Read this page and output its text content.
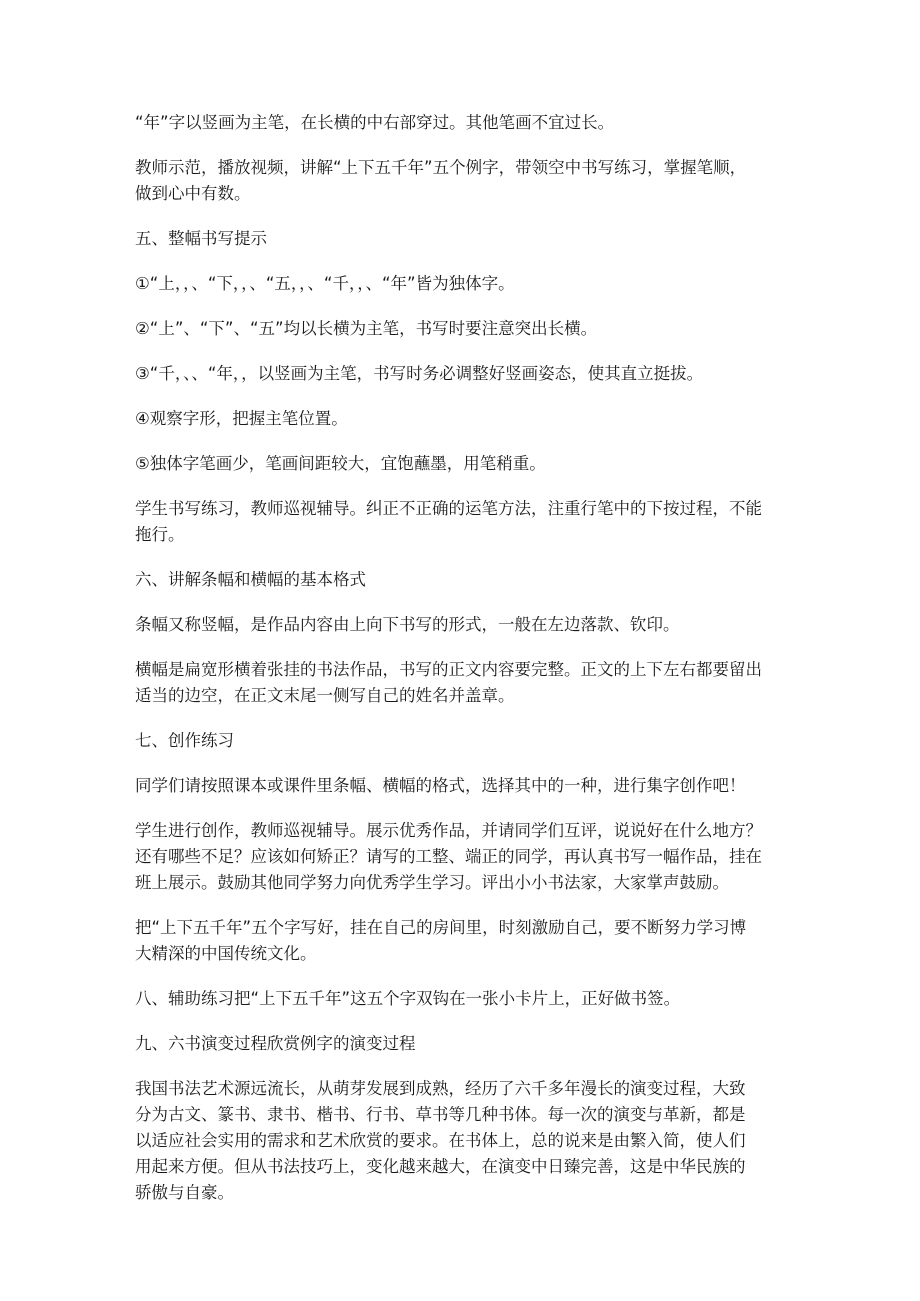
“年”字以竖画为主笔，在长横的中右部穿过。其他笔画不宜过长。
教师示范，播放视频，讲解“上下五千年”五个例字，带领空中书写练习，掌握笔顺，
做到心中有数。
五、整幅书写提示
①“上，，、“下，，、“五，，、“千，，、“年”皆为独体字。
②“上”、“下”、“五”均以长横为主笔，书写时要注意突出长横。
③“千，、、“年，，以竖画为主笔，书写时务必调整好竖画姿态，使其直立挺拔。
④观察字形，把握主笔位置。
⑤独体字笔画少，笔画间距较大，宜饱蘸墨，用笔稍重。
学生书写练习，教师巡视辅导。纠正不正确的运笔方法，注重行笔中的下按过程，不能
拖行。
六、讲解条幅和横幅的基本格式
条幅又称竖幅，是作品内容由上向下书写的形式，一般在左边落款、钦印。
横幅是扁宽形横着张挂的书法作品，书写的正文内容要完整。正文的上下左右都要留出
适当的边空，在正文末尾一侧写自己的姓名并盖章。
七、创作练习
同学们请按照课本或课件里条幅、横幅的格式，选择其中的一种，进行集字创作吧！
学生进行创作，教师巡视辅导。展示优秀作品，并请同学们互评，说说好在什么地方？
还有哪些不足？应该如何矫正？请写的工整、端正的同学，再认真书写一幅作品，挂在
班上展示。鼓励其他同学努力向优秀学生学习。评出小小书法家，大家掌声鼓励。
把“上下五千年”五个字写好，挂在自己的房间里，时刻激励自己，要不断努力学习博
大精深的中国传统文化。
八、辅助练习把“上下五千年”这五个字双钩在一张小卡片上，正好做书签。
九、六书演变过程欣赏例字的演变过程
我国书法艺术源远流长，从萌芽发展到成熟，经历了六千多年漫长的演变过程，大致
分为古文、篆书、隶书、楷书、行书、草书等几种书体。每一次的演变与革新，都是
以适应社会实用的需求和艺术欣赏的要求。在书体上，总的说来是由繁入简，使人们
用起来方便。但从书法技巧上，变化越来越大，在演变中日臻完善，这是中华民族的
骄傲与自豪。
